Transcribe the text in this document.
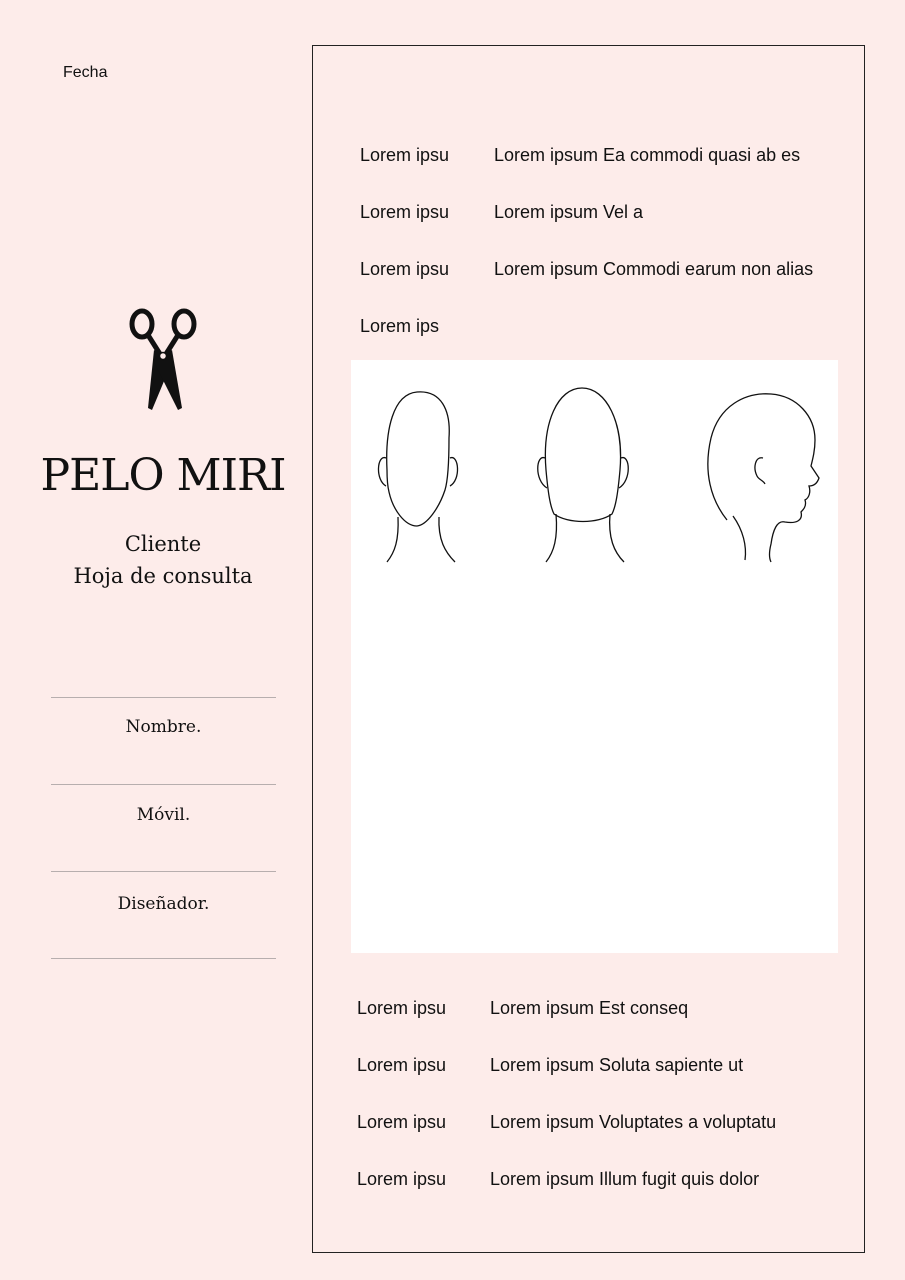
Fecha
PELO MIRI
Cliente
Hoja de consulta
Nombre.
Móvil.
Diseñador.
Lorem ipsu Lorem ipsum Ea commodi quasi ab es
Lorem ipsu Lorem ipsum Vel a
Lorem ipsu Lorem ipsum Commodi earum non alias
Lorem ips
Lorem ipsu Lorem ipsum Est conseq
Lorem ipsu Lorem ipsum Soluta sapiente ut
Lorem ipsu Lorem ipsum Voluptates a voluptatu
Lorem ipsu Lorem ipsum Illum fugit quis dolor
